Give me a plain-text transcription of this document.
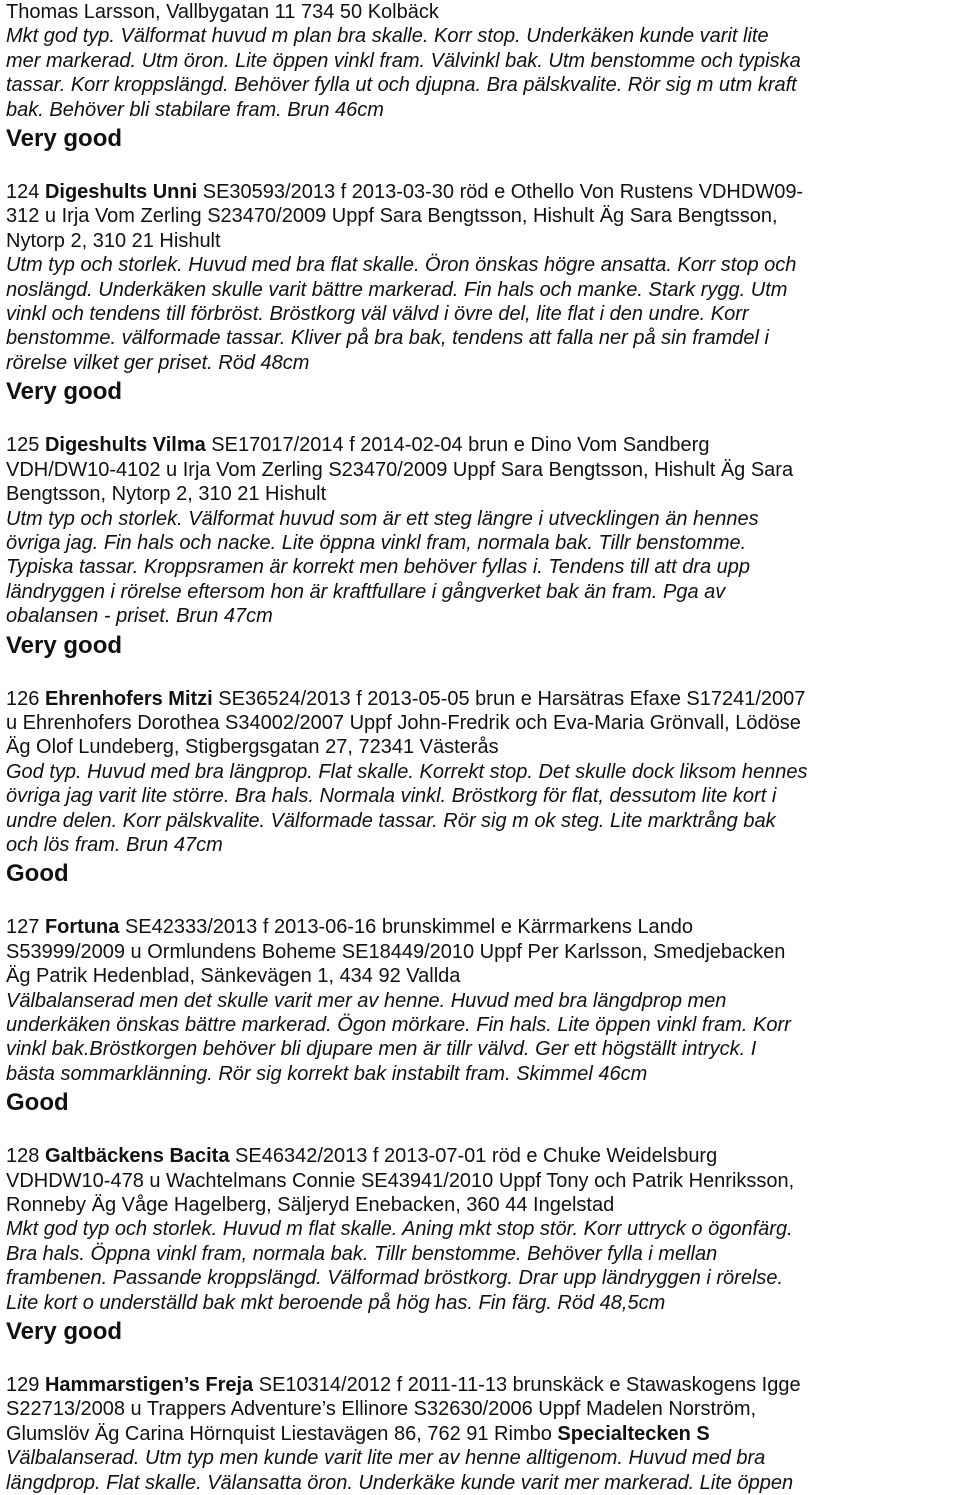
Thomas Larsson, Vallbygatan 11 734 50 Kolbäck
Mkt god typ. Välformat huvud m plan bra skalle. Korr stop. Underkäken kunde varit lite
mer markerad. Utm öron. Lite öppen vinkl fram. Välvinkl bak. Utm benstomme och typiska
tassar. Korr kroppslängd. Behöver fylla ut och djupna. Bra pälskvalite. Rör sig m utm kraft
bak. Behöver bli stabilare fram. Brun 46cm
Very good
124 Digeshults Unni SE30593/2013 f 2013-03-30 röd e Othello Von Rustens VDHDW09-
312 u Irja Vom Zerling S23470/2009 Uppf Sara Bengtsson, Hishult Äg Sara Bengtsson,
Nytorp 2, 310 21 Hishult
Utm typ och storlek. Huvud med bra flat skalle. Öron önskas högre ansatta. Korr stop och
noslängd. Underkäken skulle varit bättre markerad. Fin hals och manke. Stark rygg. Utm
vinkl och tendens till förbröst. Bröstkorg väl välvd i övre del, lite flat i den undre. Korr
benstomme. välformade tassar. Kliver på bra bak, tendens att falla ner på sin framdel i
rörelse vilket ger priset. Röd 48cm
Very good
125 Digeshults Vilma SE17017/2014 f 2014-02-04 brun e Dino Vom Sandberg
VDH/DW10-4102 u Irja Vom Zerling S23470/2009 Uppf Sara Bengtsson, Hishult Äg Sara
Bengtsson, Nytorp 2, 310 21 Hishult
Utm typ och storlek. Välformat huvud som är ett steg längre i utvecklingen än hennes
övriga jag. Fin hals och nacke. Lite öppna vinkl fram, normala bak. Tillr benstomme.
Typiska tassar. Kroppsramen är korrekt men behöver fyllas i. Tendens till att dra upp
ländryggen i rörelse eftersom hon är kraftfullare i gångverket bak än fram. Pga av
obalansen - priset. Brun 47cm
Very good
126 Ehrenhofers Mitzi SE36524/2013 f 2013-05-05 brun e Harsätras Efaxe S17241/2007
u Ehrenhofers Dorothea S34002/2007 Uppf John-Fredrik och Eva-Maria Grönvall, Lödöse
Äg Olof Lundeberg, Stigbergsgatan 27, 72341 Västerås
God typ. Huvud med bra längprop. Flat skalle. Korrekt stop. Det skulle dock liksom hennes
övriga jag varit lite större. Bra hals. Normala vinkl. Bröstkorg för flat, dessutom lite kort i
undre delen. Korr pälskvalite. Välformade tassar. Rör sig m ok steg. Lite marktrång bak
och lös fram. Brun 47cm
Good
127 Fortuna SE42333/2013 f 2013-06-16 brunskimmel e Kärrmarkens Lando
S53999/2009 u Ormlundens Boheme SE18449/2010 Uppf Per Karlsson, Smedjebacken
Äg Patrik Hedenblad, Sänkevägen 1, 434 92 Vallda
Välbalanserad men det skulle varit mer av henne. Huvud med bra längdprop men
underkäken önskas bättre markerad. Ögon mörkare. Fin hals. Lite öppen vinkl fram. Korr
vinkl bak.Bröstkorgen behöver bli djupare men är tillr välvd. Ger ett högställt intryck. I
bästa sommarklänning. Rör sig korrekt bak instabilt fram. Skimmel 46cm
Good
128 Galtbäckens Bacita SE46342/2013 f 2013-07-01 röd e Chuke Weidelsburg
VDHDW10-478 u Wachtelmans Connie SE43941/2010 Uppf Tony och Patrik Henriksson,
Ronneby Äg Våge Hagelberg, Säljeryd Enebacken, 360 44 Ingelstad
Mkt god typ och storlek. Huvud m flat skalle. Aning mkt stop stör. Korr uttryck o ögonfärg.
Bra hals. Öppna vinkl fram, normala bak. Tillr benstomme. Behöver fylla i mellan
frambenen. Passande kroppslängd. Välformad bröstkorg. Drar upp ländryggen i rörelse.
Lite kort o underställd bak mkt beroende på hög has. Fin färg. Röd 48,5cm
Very good
129 Hammarstigen’s Freja SE10314/2012 f 2011-11-13 brunskäck e Stawaskogens Igge
S22713/2008 u Trappers Adventure’s Ellinore S32630/2006 Uppf Madelen Norström,
Glumslöv Äg Carina Hörnquist Liestavägen 86, 762 91 Rimbo Specialtecken S
Välbalanserad. Utm typ men kunde varit lite mer av henne alltigenom. Huvud med bra
längdprop. Flat skalle. Välansatta öron. Underkäke kunde varit mer markerad. Lite öppen
